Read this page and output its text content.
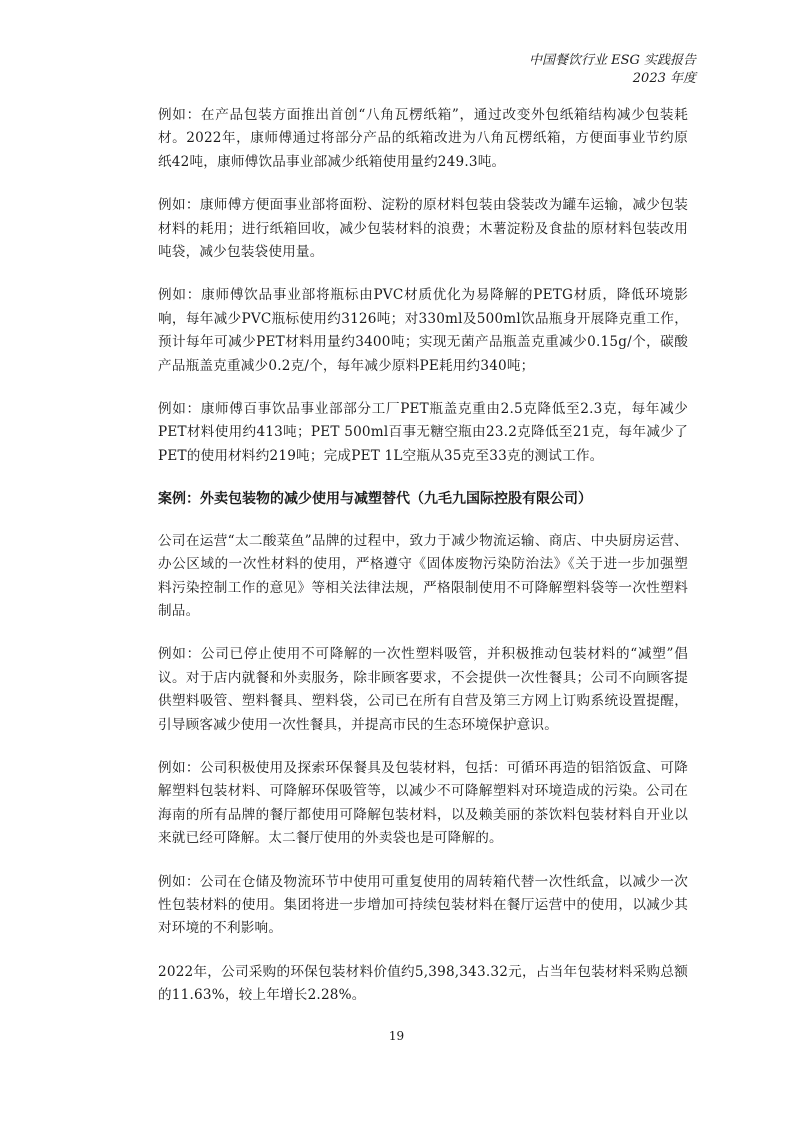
中国餐饮行业 ESG 实践报告
2023 年度

例如：在产品包装方面推出首创“八角瓦楞纸箱”，通过改变外包纸箱结构减少包装耗材。2022年，康师傅通过将部分产品的纸箱改进为八角瓦楞纸箱，方便面事业节约原纸42吨，康师傅饮品事业部减少纸箱使用量约249.3吨。

例如：康师傅方便面事业部将面粉、淀粉的原材料包装由袋装改为罐车运输，减少包装材料的耗用；进行纸箱回收，减少包装材料的浪费；木薯淀粉及食盐的原材料包装改用吨袋，减少包装袋使用量。

例如：康师傅饮品事业部将瓶标由PVC材质优化为易降解的PETG材质，降低环境影响，每年减少PVC瓶标使用约3126吨；对330ml及500ml饮品瓶身开展降克重工作，预计每年可减少PET材料用量约3400吨；实现无菌产品瓶盖克重减少0.15g/个，碳酸产品瓶盖克重减少0.2克/个，每年减少原料PE耗用约340吨；

例如：康师傅百事饮品事业部部分工厂PET瓶盖克重由2.5克降低至2.3克，每年减少PET材料使用约413吨；PET 500ml百事无糖空瓶由23.2克降低至21克，每年减少了PET的使用材料约219吨；完成PET 1L空瓶从35克至33克的测试工作。

案例：外卖包装物的减少使用与减塑替代（九毛九国际控股有限公司）

公司在运营“太二酸菜鱼”品牌的过程中，致力于减少物流运输、商店、中央厨房运营、办公区域的一次性材料的使用，严格遵守《固体废物污染防治法》《关于进一步加强塑料污染控制工作的意见》等相关法律法规，严格限制使用不可降解塑料袋等一次性塑料制品。

例如：公司已停止使用不可降解的一次性塑料吸管，并积极推动包装材料的“减塑”倡议。对于店内就餐和外卖服务，除非顾客要求，不会提供一次性餐具；公司不向顾客提供塑料吸管、塑料餐具、塑料袋，公司已在所有自营及第三方网上订购系统设置提醒，引导顾客减少使用一次性餐具，并提高市民的生态环境保护意识。

例如：公司积极使用及探索环保餐具及包装材料，包括：可循环再造的铝箔饭盒、可降解塑料包装材料、可降解环保吸管等，以减少不可降解塑料对环境造成的污染。公司在海南的所有品牌的餐厅都使用可降解包装材料，以及赖美丽的茶饮料包装材料自开业以来就已经可降解。太二餐厅使用的外卖袋也是可降解的。

例如：公司在仓储及物流环节中使用可重复使用的周转箱代替一次性纸盒，以减少一次性包装材料的使用。集团将进一步增加可持续包装材料在餐厅运营中的使用，以减少其对环境的不利影响。

2022年，公司采购的环保包装材料价值约5,398,343.32元，占当年包装材料采购总额的11.63%，较上年增长2.28%。

19
